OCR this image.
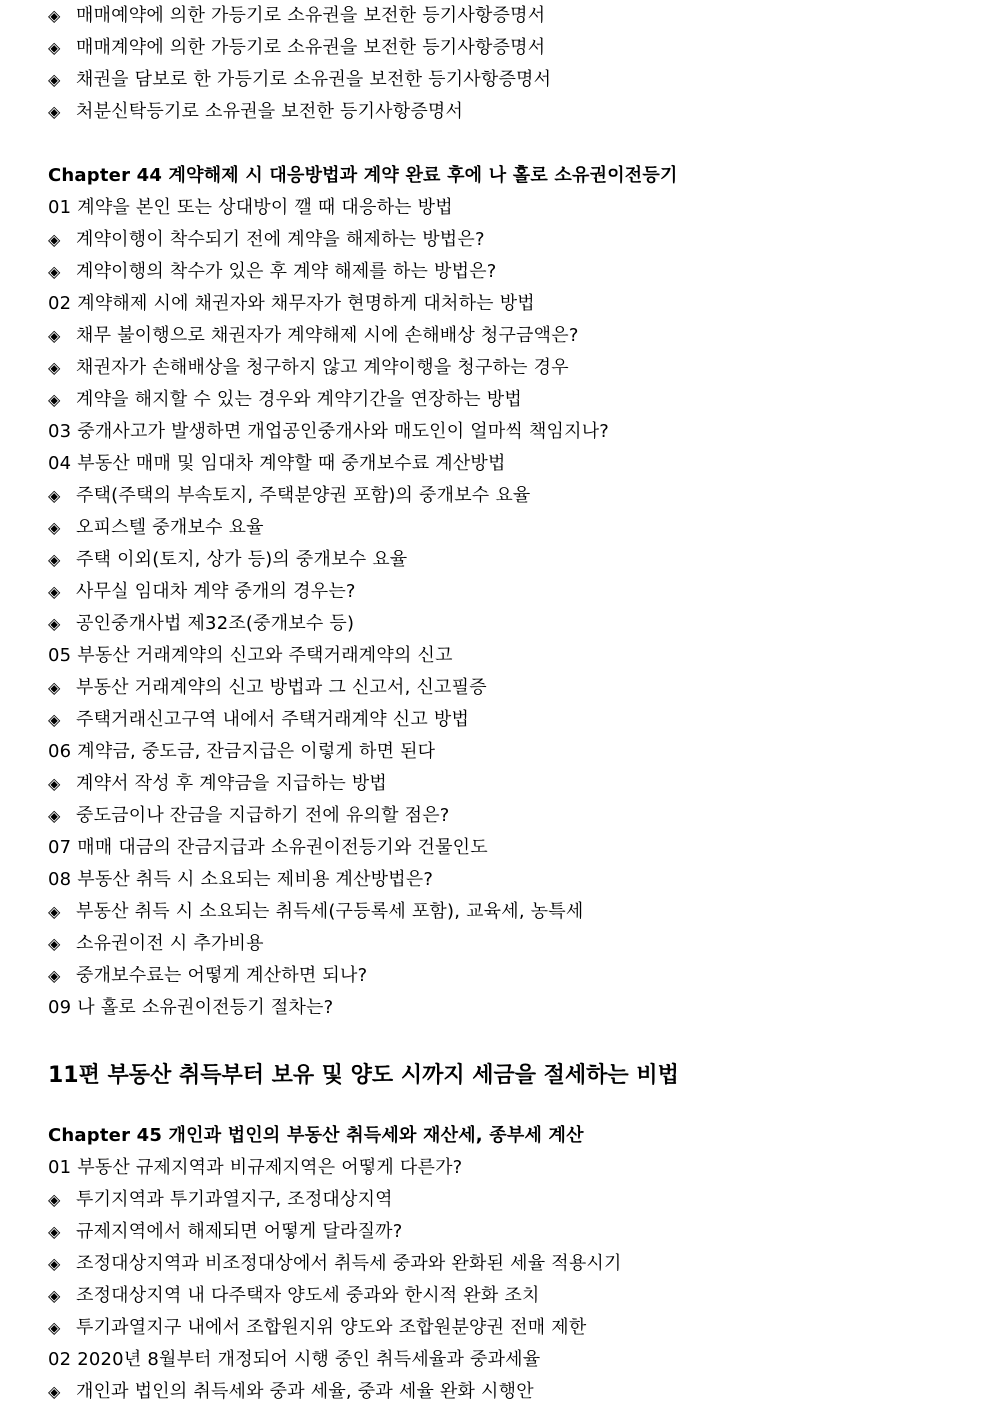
◈ 매매예약에 의한 가등기로 소유권을 보전한 등기사항증명서
◈ 매매계약에 의한 가등기로 소유권을 보전한 등기사항증명서
◈ 채권을 담보로 한 가등기로 소유권을 보전한 등기사항증명서
◈ 처분신탁등기로 소유권을 보전한 등기사항증명서
Chapter 44 계약해제 시 대응방법과 계약 완료 후에 나 홀로 소유권이전등기
01 계약을 본인 또는 상대방이 깰 때 대응하는 방법
◈ 계약이행이 착수되기 전에 계약을 해제하는 방법은?
◈ 계약이행의 착수가 있은 후 계약 해제를 하는 방법은?
02 계약해제 시에 채권자와 채무자가 현명하게 대처하는 방법
◈ 채무 불이행으로 채권자가 계약해제 시에 손해배상 청구금액은?
◈ 채권자가 손해배상을 청구하지 않고 계약이행을 청구하는 경우
◈ 계약을 해지할 수 있는 경우와 계약기간을 연장하는 방법
03 중개사고가 발생하면 개업공인중개사와 매도인이 얼마씩 책임지나?
04 부동산 매매 및 임대차 계약할 때 중개보수료 계산방법
◈ 주택(주택의 부속토지, 주택분양권 포함)의 중개보수 요율
◈ 오피스텔 중개보수 요율
◈ 주택 이외(토지, 상가 등)의 중개보수 요율
◈ 사무실 임대차 계약 중개의 경우는?
◈ 공인중개사법 제32조(중개보수 등)
05 부동산 거래계약의 신고와 주택거래계약의 신고
◈ 부동산 거래계약의 신고 방법과 그 신고서, 신고필증
◈ 주택거래신고구역 내에서 주택거래계약 신고 방법
06 계약금, 중도금, 잔금지급은 이렇게 하면 된다
◈ 계약서 작성 후 계약금을 지급하는 방법
◈ 중도금이나 잔금을 지급하기 전에 유의할 점은?
07 매매 대금의 잔금지급과 소유권이전등기와 건물인도
08 부동산 취득 시 소요되는 제비용 계산방법은?
◈ 부동산 취득 시 소요되는 취득세(구등록세 포함), 교육세, 농특세
◈ 소유권이전 시 추가비용
◈ 중개보수료는 어떻게 계산하면 되나?
09 나 홀로 소유권이전등기 절차는?
11편 부동산 취득부터 보유 및 양도 시까지 세금을 절세하는 비법
Chapter 45 개인과 법인의 부동산 취득세와 재산세, 종부세 계산
01 부동산 규제지역과 비규제지역은 어떻게 다른가?
◈ 투기지역과 투기과열지구, 조정대상지역
◈ 규제지역에서 해제되면 어떻게 달라질까?
◈ 조정대상지역과 비조정대상에서 취득세 중과와 완화된 세율 적용시기
◈ 조정대상지역 내 다주택자 양도세 중과와 한시적 완화 조치
◈ 투기과열지구 내에서 조합원지위 양도와 조합원분양권 전매 제한
02 2020년 8월부터 개정되어 시행 중인 취득세율과 중과세율
◈ 개인과 법인의 취득세와 중과 세율, 중과 세율 완화 시행안
